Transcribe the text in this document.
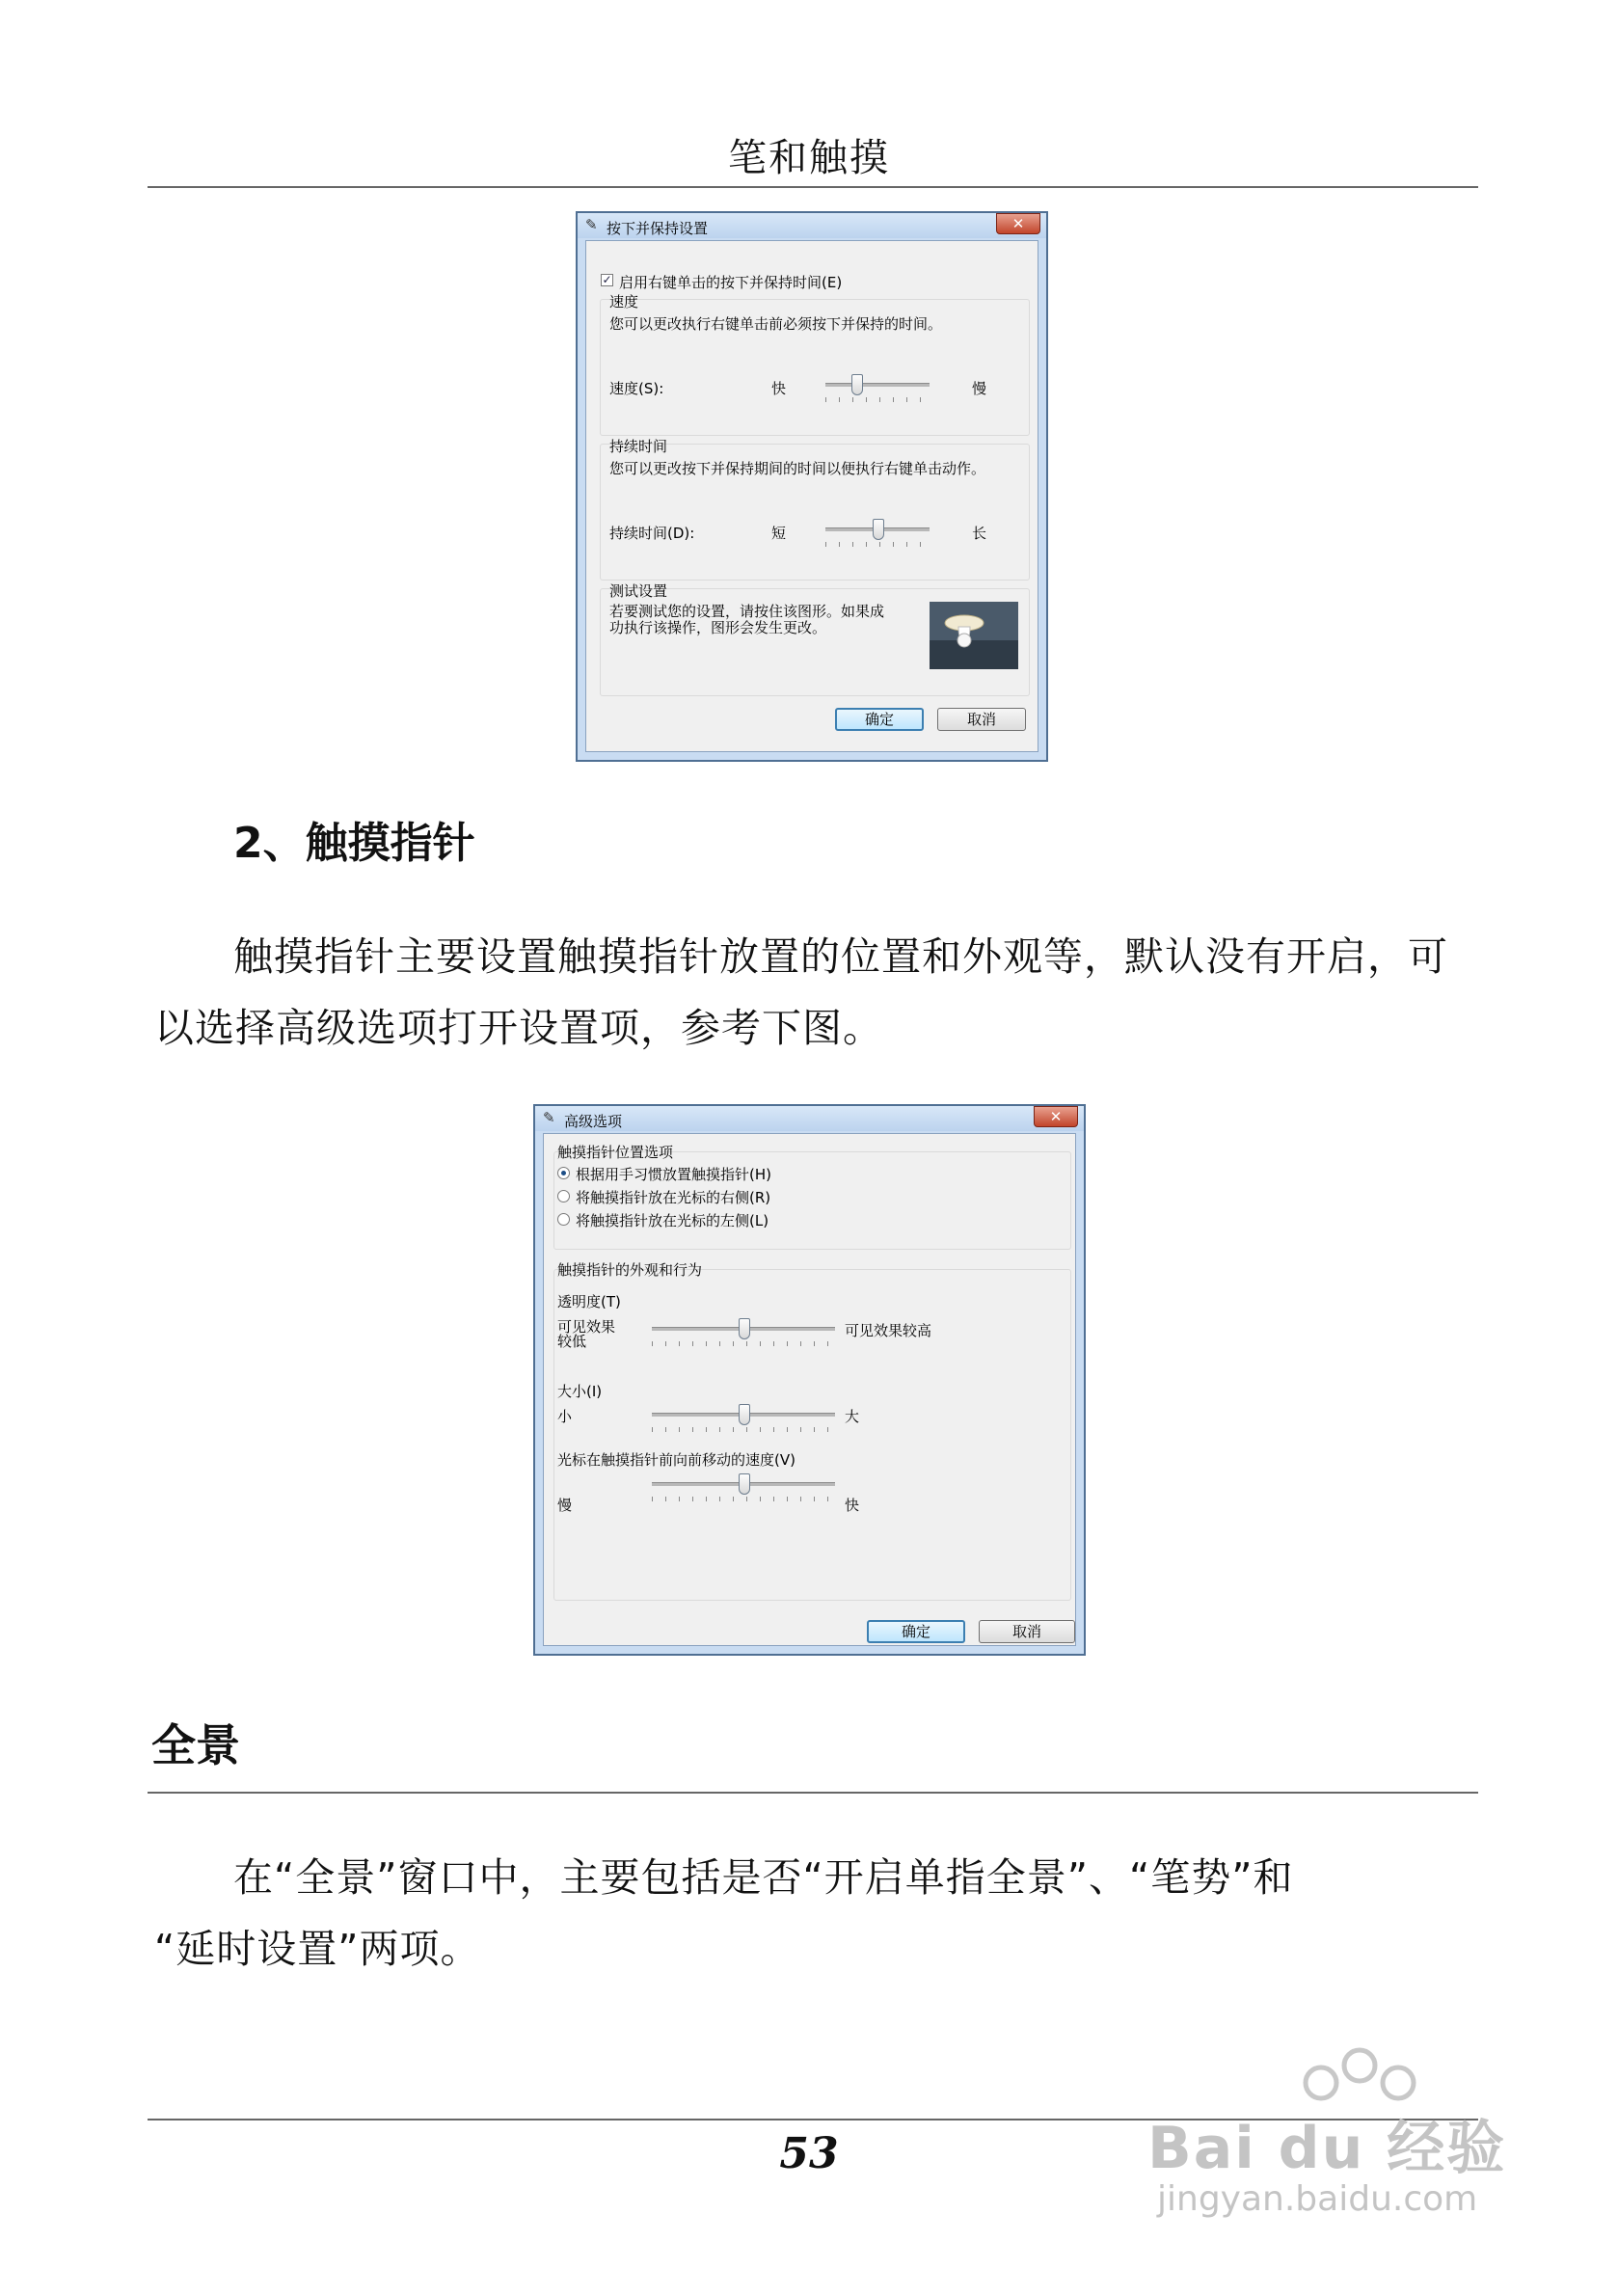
笔和触摸
✎ 按下并保持设置	✕
✓ 启用右键单击的按下并保持时间(E)
速度
您可以更改执行右键单击前必须按下并保持的时间。
速度(S):	快	慢
持续时间
您可以更改按下并保持期间的时间以便执行右键单击动作。
持续时间(D):	短	长
测试设置
若要测试您的设置，请按住该图形。如果成功执行该操作，图形会发生更改。
确定	取消
2、触摸指针
触摸指针主要设置触摸指针放置的位置和外观等，默认没有开启，可
以选择高级选项打开设置项，参考下图。
✎ 高级选项	✕
触摸指针位置选项
根据用手习惯放置触摸指针(H)
将触摸指针放在光标的右侧(R)
将触摸指针放在光标的左侧(L)
触摸指针的外观和行为
透明度(T)
可见效果
较低
可见效果较高
大小(I)
小	大
光标在触摸指针前向前移动的速度(V)
慢	快
确定	取消
全景
在“全景”窗口中，主要包括是否“开启单指全景”、“笔势”和
“延时设置”两项。
53	Bai du 经验
jingyan.baidu.com
